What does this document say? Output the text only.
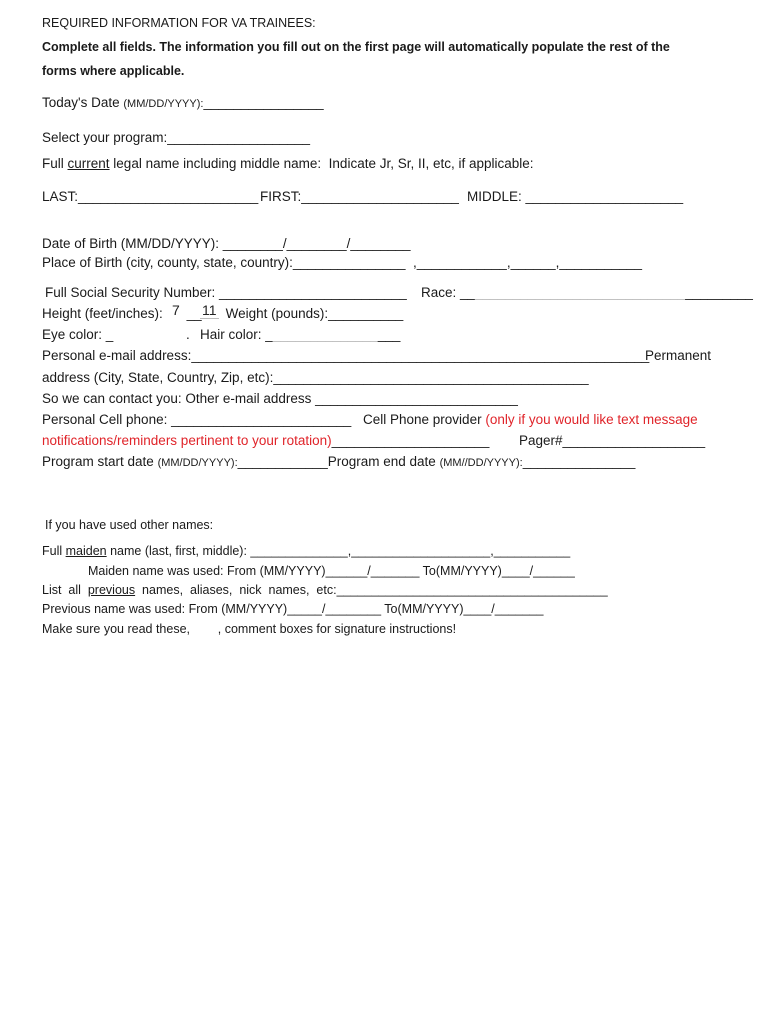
REQUIRED INFORMATION FOR VA TRAINEES:
Complete all fields. The information you fill out on the first page will automatically populate the rest of the
forms where applicable.
Today's Date (MM/DD/YYYY):________________
Select your program:___________________
Full current legal name including middle name:  Indicate Jr, Sr, II, etc, if applicable:
LAST:________________________ FIRST:_____________________ MIDDLE: _____________________
Date of Birth (MM/DD/YYYY): ________/________/________
Place of Birth (city, county, state, country):_______________  ,____________,______,___________
Full Social Security Number: _________________________ Race: _______________________________________
Height (feet/inches): __ Weight (pounds):__________
7 11
Eye color: _	. Hair color: __________________
Personal e-mail address:_____________________________________________________________
Permanent
address (City, State, Country, Zip, etc):__________________________________________
So we can contact you: Other e-mail address ___________________________
Personal Cell phone: ________________________ Cell Phone provider (only if you would like text message
notifications/reminders pertinent to your rotation)_____________________ Pager#___________________
Program start date (MM/DD/YYYY):____________Program end date (MM//DD/YYYY):_______________
If you have used other names:
Full maiden name (last, first, middle): ______________,____________________,___________
Maiden name was used: From (MM/YYYY)______/_______ To(MM/YYYY)____/______
List  all  previous  names,  aliases,  nick  names,  etc:_______________________________________
Previous name was used: From (MM/YYYY)_____/________ To(MM/YYYY)____/_______
Make sure you read these,        , comment boxes for signature instructions!
